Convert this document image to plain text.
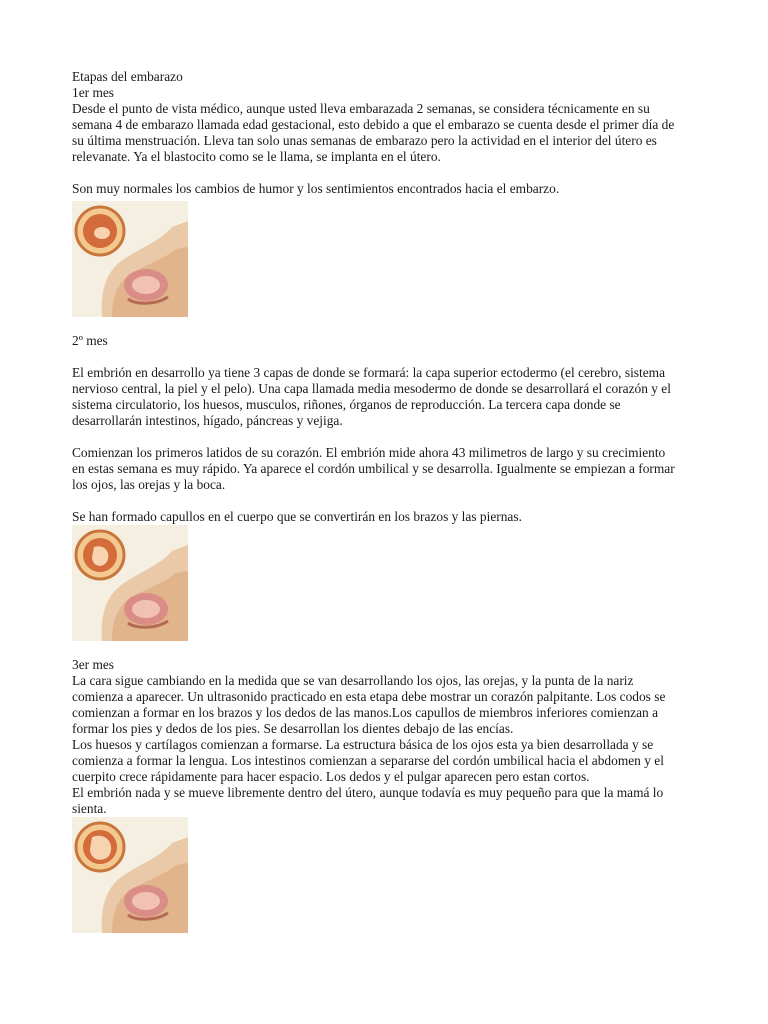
Etapas del embarazo
1er mes
Desde el punto de vista médico, aunque usted lleva embarazada 2 semanas, se considera técnicamente en su
semana 4 de embarazo llamada edad gestacional, esto debido a que el embarazo se cuenta desde el primer día de
su última menstruación. Lleva tan solo unas semanas de embarazo pero la actividad en el interior del útero es
relevanate. Ya el blastocito como se le llama, se implanta en el útero.
Son muy normales los cambios de humor y los sentimientos encontrados hacia el embarzo.
2º mes
El embrión en desarrollo ya tiene 3 capas de donde se formará: la capa superior ectodermo (el cerebro, sistema
nervioso central, la piel y el pelo). Una capa llamada media mesodermo de donde se desarrollará el corazón y el
sistema circulatorio, los huesos, musculos, riñones, órganos de reproducción. La tercera capa donde se
desarrollarán intestinos, hígado, páncreas y vejiga.
Comienzan los primeros latidos de su corazón. El embrión mide ahora 43 milimetros de largo y su crecimiento
en estas semana es muy rápido. Ya aparece el cordón umbilical y se desarrolla. Igualmente se empiezan a formar
los ojos, las orejas y la boca.
Se han formado capullos en el cuerpo que se convertirán en los brazos y las piernas.
3er mes
La cara sigue cambiando en la medida que se van desarrollando los ojos, las orejas, y la punta de la nariz
comienza a aparecer. Un ultrasonido practicado en esta etapa debe mostrar un corazón palpitante. Los codos se
comienzan a formar en los brazos y los dedos de las manos.Los capullos de miembros inferiores comienzan a
formar los pies y dedos de los pies. Se desarrollan los dientes debajo de las encías.
Los huesos y cartílagos comienzan a formarse. La estructura básica de los ojos esta ya bien desarrollada y se
comienza a formar la lengua. Los intestinos comienzan a separarse del cordón umbilical hacia el abdomen y el
cuerpito crece rápidamente para hacer espacio. Los dedos y el pulgar aparecen pero estan cortos.
El embrión nada y se mueve libremente dentro del útero, aunque todavía es muy pequeño para que la mamá lo
sienta.
